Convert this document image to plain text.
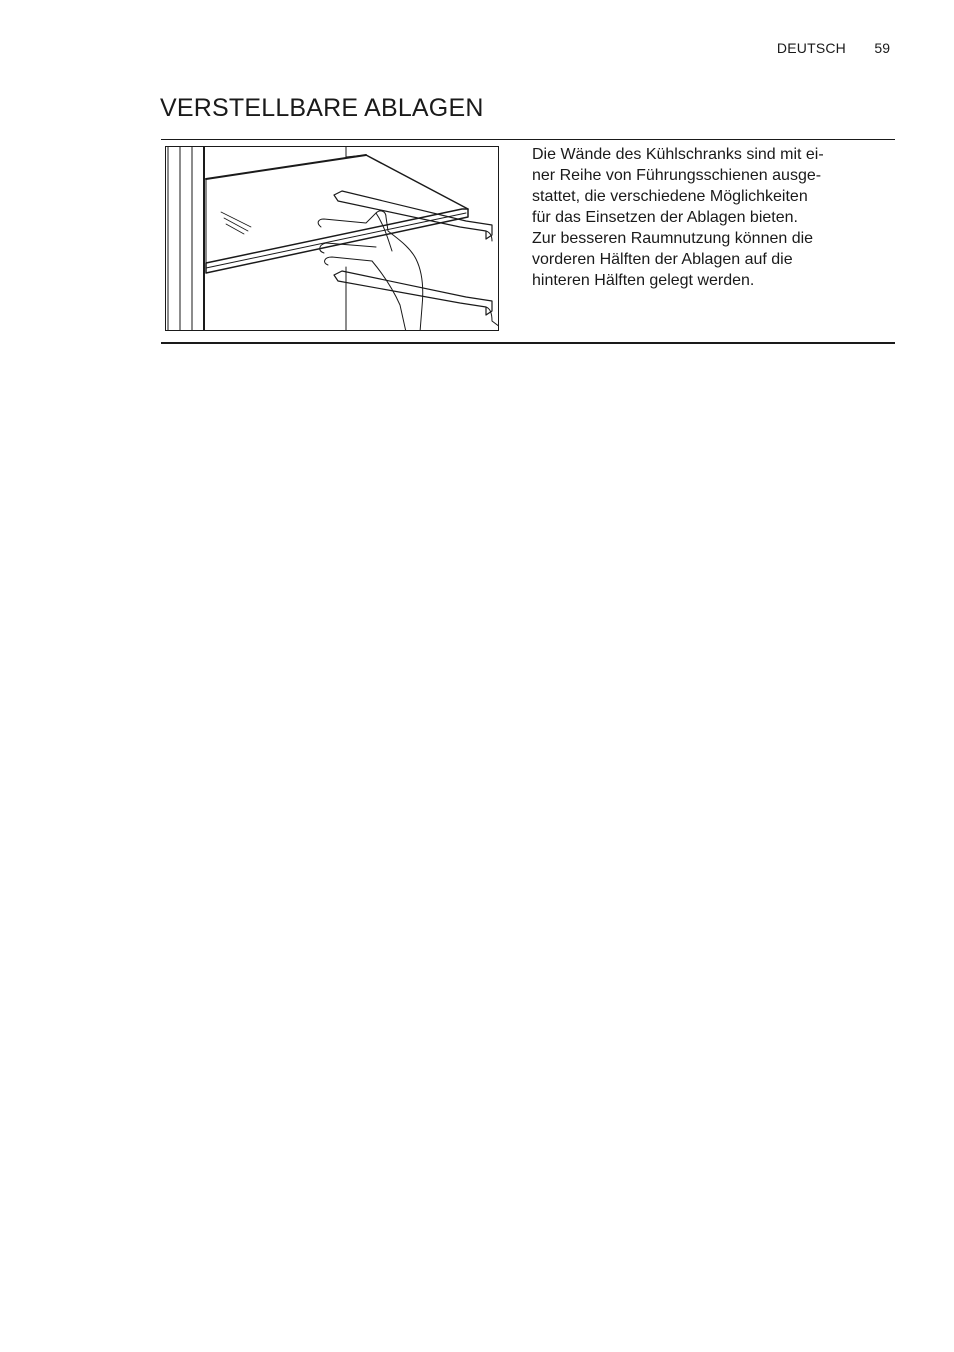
DEUTSCH	59
VERSTELLBARE ABLAGEN

Die Wände des Kühlschranks sind mit ei-
ner Reihe von Führungsschienen ausge-
stattet, die verschiedene Möglichkeiten
für das Einsetzen der Ablagen bieten.
Zur besseren Raumnutzung können die
vorderen Hälften der Ablagen auf die
hinteren Hälften gelegt werden.
